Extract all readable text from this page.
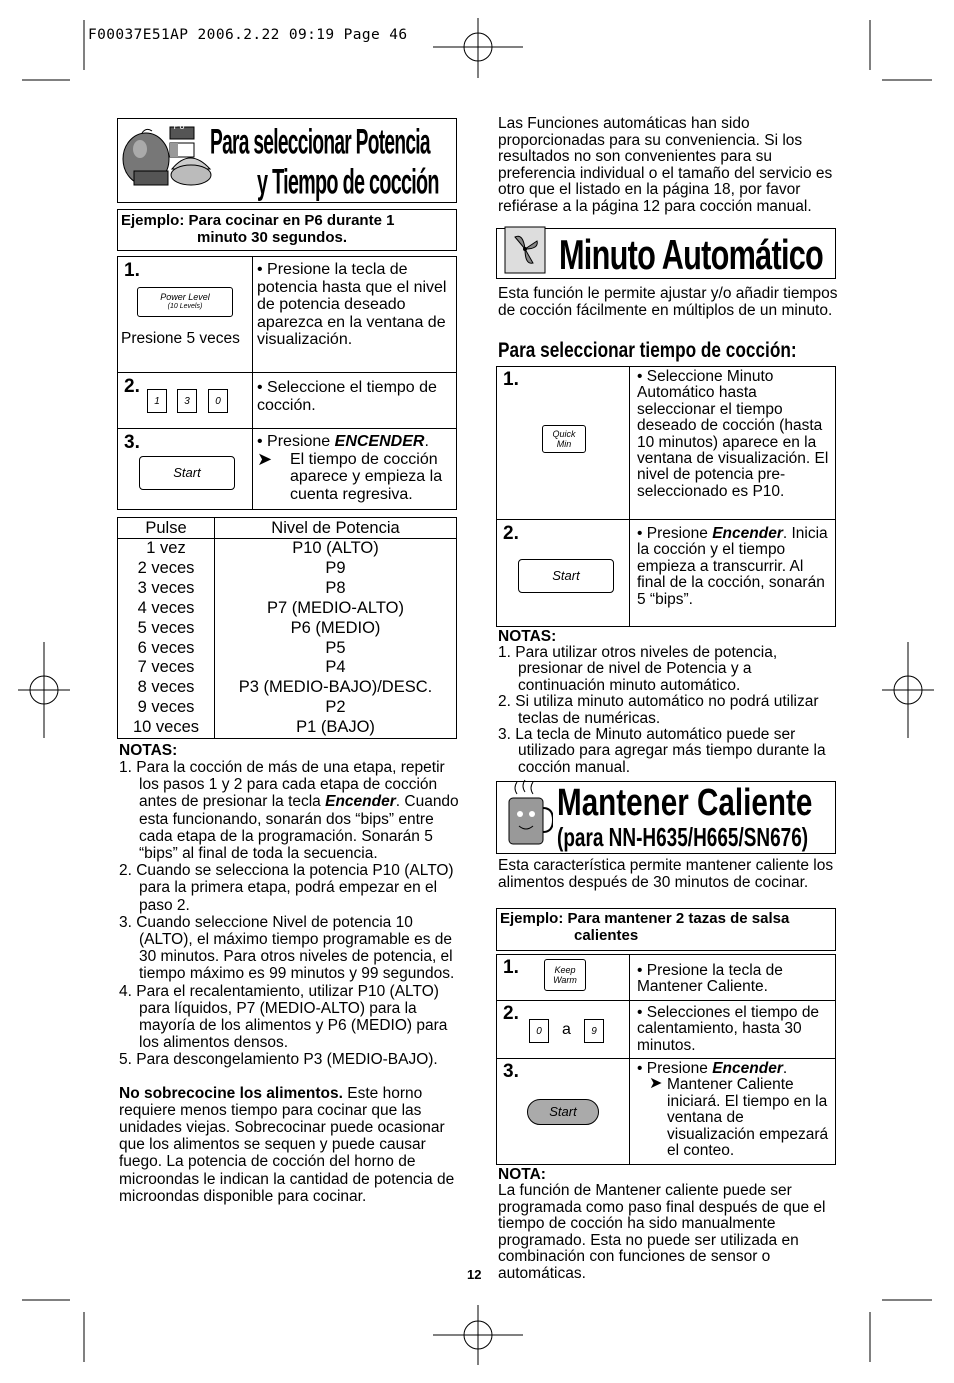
F00037E51AP 2006.2.22 09:19 Page 46
P8 Para seleccionar Potencia
y Tiempo de cocción
Ejemplo: Para cocinar en P6 durante 1
minuto 30 segundos.
1.
Power Level
(10 Levels)
Presione 5 veces
• Presione la tecla de potencia hasta que el nivel de potencia deseado aparezca en la ventana de visualización.
2.
1	3	0
• Seleccione el tiempo de cocción.
3.
Start
• Presione ENCENDER.
➤ El tiempo de cocción aparece y empieza la cuenta regresiva.
Pulse	Nivel de Potencia
1 vez	P10 (ALTO)
2 veces	P9
3 veces	P8
4 veces	P7 (MEDIO-ALTO)
5 veces	P6 (MEDIO)
6 veces	P5
7 veces	P4
8 veces	P3 (MEDIO-BAJO)/DESC.
9 veces	P2
10 veces	P1 (BAJO)
NOTAS:
1. Para la cocción de más de una etapa, repetir los pasos 1 y 2 para cada etapa de cocción antes de presionar la tecla Encender. Cuando esta funcionando, sonarán dos “bips” entre cada etapa de la programación. Sonarán 5 “bips” al final de toda la secuencia.
2. Cuando se selecciona la potencia P10 (ALTO) para la primera etapa, podrá empezar en el paso 2.
3. Cuando seleccione Nivel de potencia 10 (ALTO), el máximo tiempo programable es de 30 minutos. Para otros niveles de potencia, el tiempo máximo es 99 minutos y 99 segundos.
4. Para el recalentamiento, utilizar P10 (ALTO) para líquidos, P7 (MEDIO-ALTO) para la mayoría de los alimentos y P6 (MEDIO) para los alimentos densos.
5. Para descongelamiento P3 (MEDIO-BAJO).
No sobrecocine los alimentos. Este horno requiere menos tiempo para cocinar que las unidades viejas. Sobrecocinar puede ocasionar que los alimentos se sequen y puede causar fuego. La potencia de cocción del horno de microondas le indican la cantidad de potencia de microondas disponible para cocinar.
Las Funciones automáticas han sido proporcionadas para su conveniencia. Si los resultados no son convenientes para su preferencia individual o el tamaño del servicio es otro que el listado en la página 18, por favor refiérase a la página 12 para cocción manual.
Minuto Automático
Esta función le permite ajustar y/o añadir tiempos de cocción fácilmente en múltiplos de un minuto.
Para seleccionar tiempo de cocción:
1.
Quick
Min
• Seleccione Minuto Automático hasta seleccionar el tiempo deseado de cocción (hasta 10 minutos) aparece en la ventana de visualización. El nivel de potencia pre-seleccionado es P10.
2.
Start
• Presione Encender. Inicia la cocción y el tiempo empieza a transcurrir. Al final de la cocción, sonarán 5 “bips”.
NOTAS:
1. Para utilizar otros niveles de potencia, presionar de nivel de Potencia y a continuación minuto automático.
2. Si utiliza minuto automático no podrá utilizar teclas de numéricas.
3. La tecla de Minuto automático puede ser utilizado para agregar más tiempo durante la cocción manual.
Mantener Caliente
(para NN-H635/H665/SN676)
Esta característica permite mantener caliente los alimentos después de 30 minutos de cocinar.
Ejemplo: Para mantener 2 tazas de salsa
calientes
1.	Keep
Warm
• Presione la tecla de Mantener Caliente.
2.
0	a	9
• Selecciones el tiempo de calentamiento, hasta 30 minutos.
3.
Start
• Presione Encender.
➤ Mantener Caliente iniciará. El tiempo en la ventana de visualización empezará el conteo.
NOTA:
La función de Mantener caliente puede ser programada como paso final después de que el tiempo de cocción ha sido manualmente programado. Esta no puede ser utilizada en combinación con funciones de sensor o automáticas.
12
